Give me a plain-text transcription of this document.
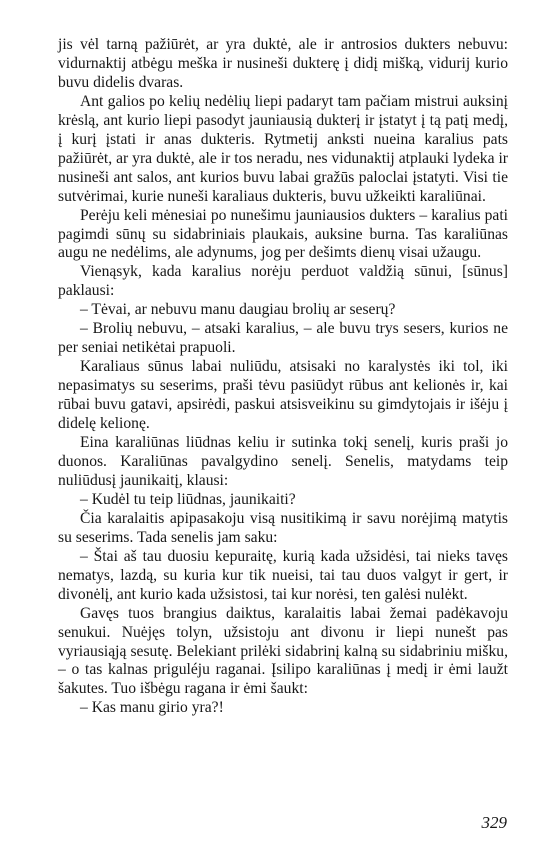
jis vėl tarną pažiūrėt, ar yra duktė, ale ir antrosios dukters nebuvu: vidurnaktij atbėgu meška ir nusineši dukterę į didį mišką, vidurij kurio buvu didelis dvaras.

Ant galios po kelių nedėlių liepi padaryt tam pačiam mistrui auksinį krėslą, ant kurio liepi pasodyt jauniausią dukterį ir įstatyt į tą patį medį, į kurį įstati ir anas dukteris. Rytmetij anksti nueina karalius pats pažiūrėt, ar yra duktė, ale ir tos neradu, nes vidunaktij atplauki lydeka ir nusineši ant salos, ant kurios buvu labai gražūs paloclai įstatyti. Visi tie sutvėrimai, kurie nuneši karaliaus dukteris, buvu užkeikti karaliūnai.

Perėju keli mėnesiai po nunešimu jauniausios dukters – karalius pati pagimdi sūnų su sidabriniais plaukais, auksine burna. Tas karaliūnas augu ne nedėlims, ale adynums, jog per dešimts dienų visai užaugu.

Vienąsyk, kada karalius norėju perduot valdžią sūnui, [sūnus] paklausi:

– Tėvai, ar nebuvu manu daugiau brolių ar seserų?

– Brolių nebuvu, – atsaki karalius, – ale buvu trys sesers, kurios ne per seniai netikėtai prapuoli.

Karaliaus sūnus labai nuliūdu, atsisaki no karalystės iki tol, iki nepasimatys su seserims, praši tėvu pasiūdyt rūbus ant kelionės ir, kai rūbai buvu gatavi, apsirėdi, paskui atsisveikinu su gimdytojais ir išėju į didelę kelionę.

Eina karaliūnas liūdnas keliu ir sutinka tokį senelį, kuris praši jo duonos. Karaliūnas pavalgydino senelį. Senelis, matydams teip nuliūdusį jaunikaitį, klausi:

– Kudėl tu teip liūdnas, jaunikaiti?

Čia karalaitis apipasakoju visą nusitikimą ir savu norėjimą matytis su seserims. Tada senelis jam saku:

– Štai aš tau duosiu kepuraitę, kurią kada užsidėsi, tai nieks tavęs nematys, lazdą, su kuria kur tik nueisi, tai tau duos valgyt ir gert, ir divonėlį, ant kurio kada užsistosi, tai kur norėsi, ten galėsi nulėkt.

Gavęs tuos brangius daiktus, karalaitis labai žemai padėkavoju senukui. Nuėjęs tolyn, užsistoju ant divonu ir liepi nunešt pas vyriausiąją sesutę. Belekiant prilėki sidabrinį kalną su sidabriniu mišku, – o tas kalnas priguléju raganai. Įsilipo karaliūnas į medį ir ėmi laužt šakutes. Tuo išbėgu ragana ir ėmi šaukt:

– Kas manu girio yra?!

329
